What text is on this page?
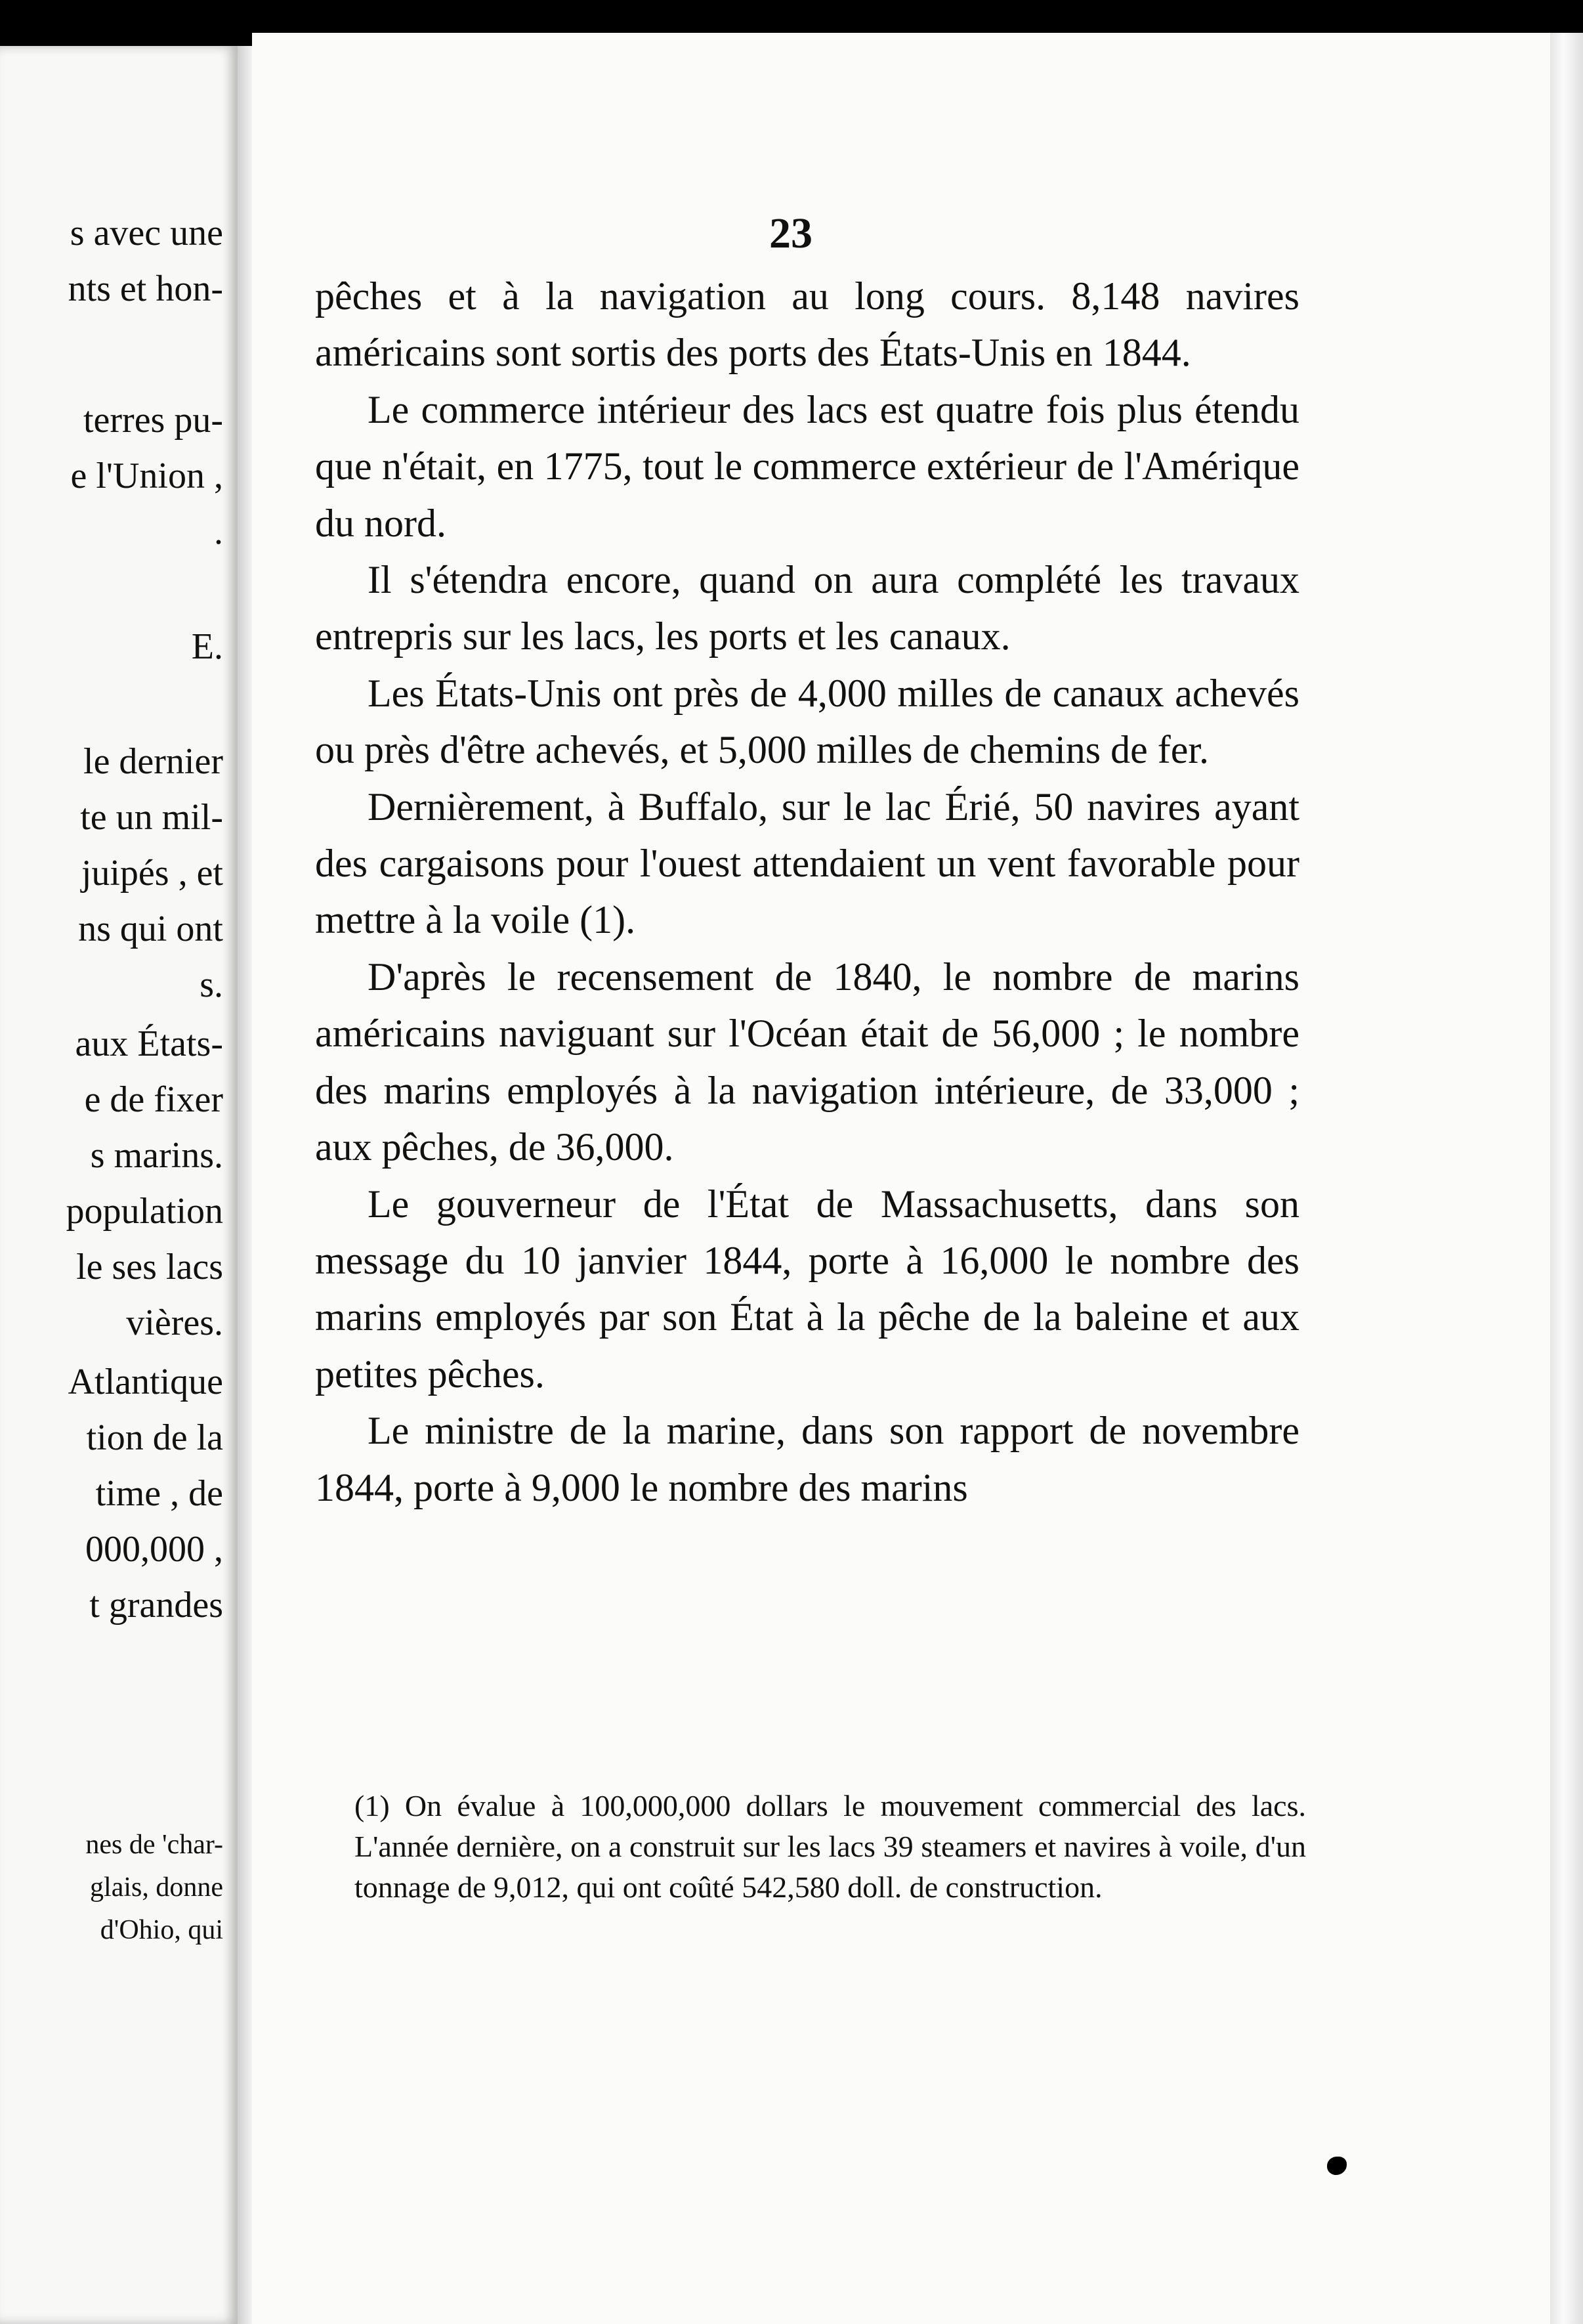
s avec une
nts et hon-
terres pu-
e l'Union ,
.
E.
le dernier
te un mil-
juipés , et
ns qui ont
s.
aux États-
e de fixer
s marins.
population
le ses lacs
vières.
Atlantique
tion de la
time , de
000,000 ,
t grandes
nes de 'char-
glais, donne
d'Ohio, qui
23

pêches et à la navigation au long cours. 8,148 navires américains sont sortis des ports des États-Unis en 1844.

Le commerce intérieur des lacs est quatre fois plus étendu que n'était, en 1775, tout le commerce extérieur de l'Amérique du nord.

Il s'étendra encore, quand on aura complété les travaux entrepris sur les lacs, les ports et les canaux.

Les États-Unis ont près de 4,000 milles de canaux achevés ou près d'être achevés, et 5,000 milles de chemins de fer.

Dernièrement, à Buffalo, sur le lac Érié, 50 navires ayant des cargaisons pour l'ouest attendaient un vent favorable pour mettre à la voile (1).

D'après le recensement de 1840, le nombre de marins américains naviguant sur l'Océan était de 56,000 ; le nombre des marins employés à la navigation intérieure, de 33,000 ; aux pêches, de 36,000.

Le gouverneur de l'État de Massachusetts, dans son message du 10 janvier 1844, porte à 16,000 le nombre des marins employés par son État à la pêche de la baleine et aux petites pêches.

Le ministre de la marine, dans son rapport de novembre 1844, porte à 9,000 le nombre des marins

(1) On évalue à 100,000,000 dollars le mouvement commercial des lacs. L'année dernière, on a construit sur les lacs 39 steamers et navires à voile, d'un tonnage de 9,012, qui ont coûté 542,580 doll. de construction.
